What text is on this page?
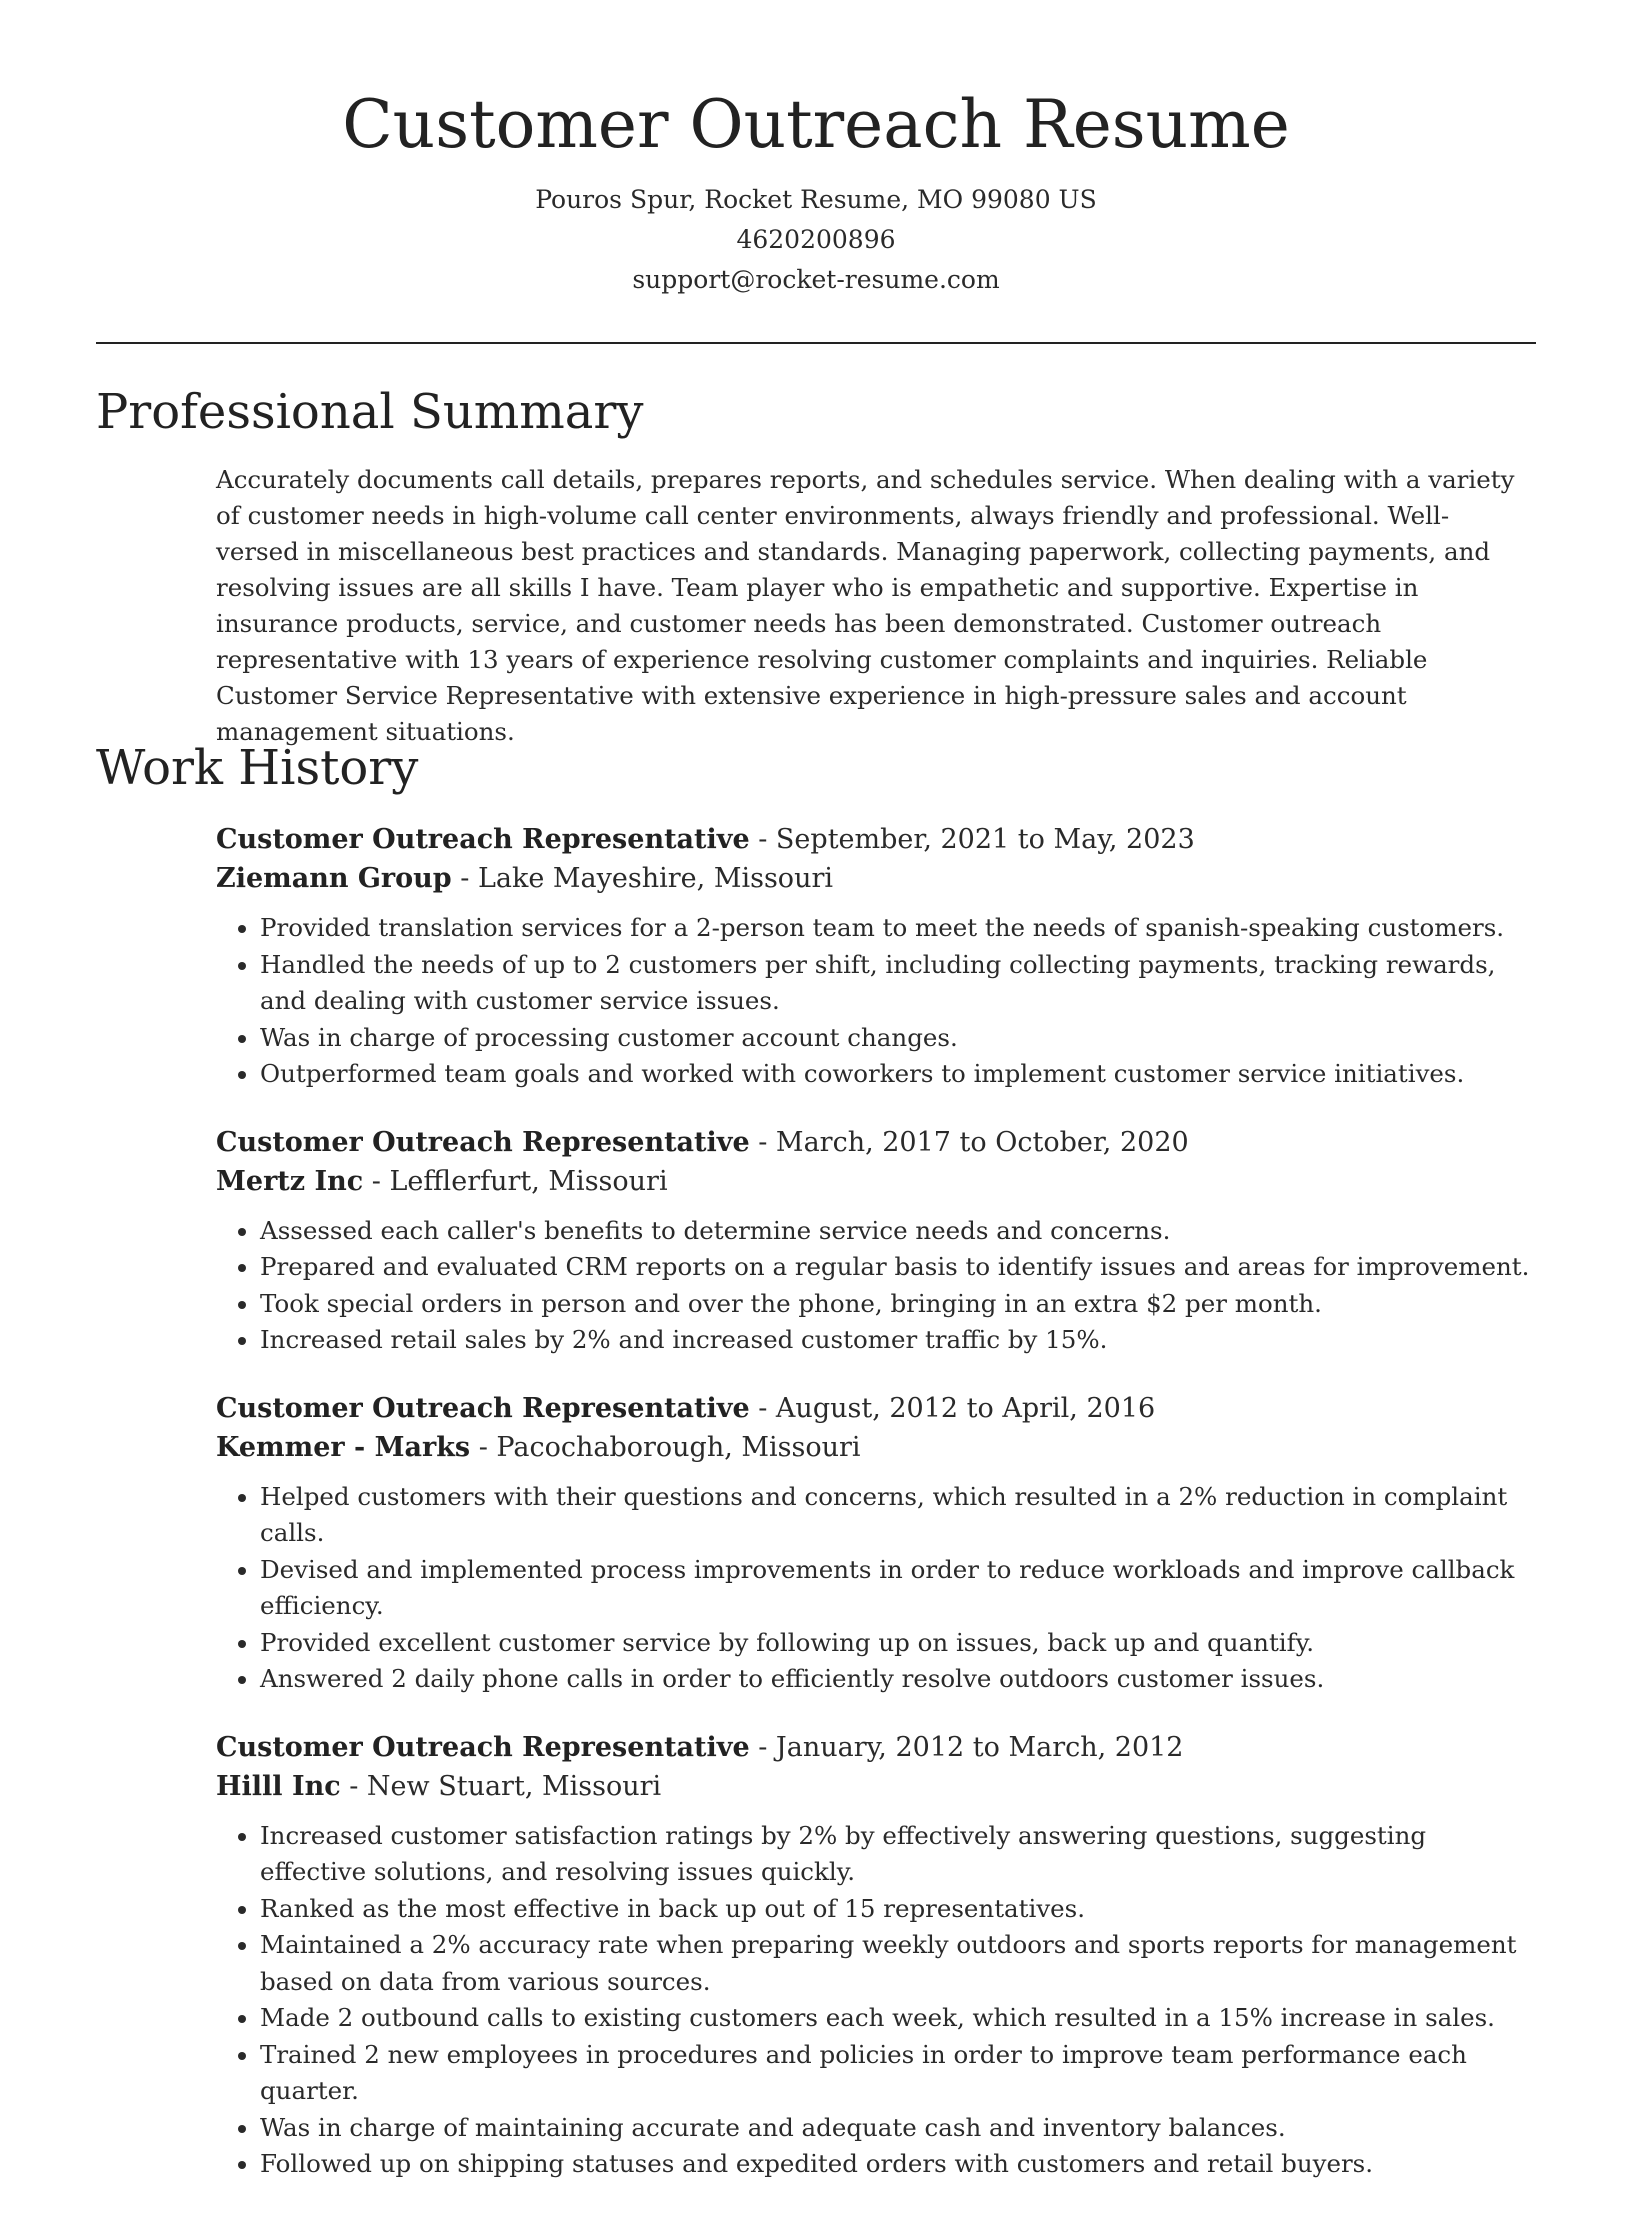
Customer Outreach Resume
Pouros Spur, Rocket Resume, MO 99080 US
4620200896
support@rocket-resume.com
Professional Summary

Accurately documents call details, prepares reports, and schedules service. When dealing with a variety of customer needs in high-volume call center environments, always friendly and professional. Well-versed in miscellaneous best practices and standards. Managing paperwork, collecting payments, and resolving issues are all skills I have. Team player who is empathetic and supportive. Expertise in insurance products, service, and customer needs has been demonstrated. Customer outreach representative with 13 years of experience resolving customer complaints and inquiries. Reliable Customer Service Representative with extensive experience in high-pressure sales and account management situations.

Work History
Customer Outreach Representative - September, 2021 to May, 2023
Ziemann Group - Lake Mayeshire, Missouri
• Provided translation services for a 2-person team to meet the needs of spanish-speaking customers.
• Handled the needs of up to 2 customers per shift, including collecting payments, tracking rewards, and dealing with customer service issues.
• Was in charge of processing customer account changes.
• Outperformed team goals and worked with coworkers to implement customer service initiatives.
Customer Outreach Representative - March, 2017 to October, 2020
Mertz Inc - Lefflerfurt, Missouri
• Assessed each caller's benefits to determine service needs and concerns.
• Prepared and evaluated CRM reports on a regular basis to identify issues and areas for improvement.
• Took special orders in person and over the phone, bringing in an extra $2 per month.
• Increased retail sales by 2% and increased customer traffic by 15%.
Customer Outreach Representative - August, 2012 to April, 2016
Kemmer - Marks - Pacochaborough, Missouri
• Helped customers with their questions and concerns, which resulted in a 2% reduction in complaint calls.
• Devised and implemented process improvements in order to reduce workloads and improve callback efficiency.
• Provided excellent customer service by following up on issues, back up and quantify.
• Answered 2 daily phone calls in order to efficiently resolve outdoors customer issues.
Customer Outreach Representative - January, 2012 to March, 2012
Hilll Inc - New Stuart, Missouri
• Increased customer satisfaction ratings by 2% by effectively answering questions, suggesting effective solutions, and resolving issues quickly.
• Ranked as the most effective in back up out of 15 representatives.
• Maintained a 2% accuracy rate when preparing weekly outdoors and sports reports for management based on data from various sources.
• Made 2 outbound calls to existing customers each week, which resulted in a 15% increase in sales.
• Trained 2 new employees in procedures and policies in order to improve team performance each quarter.
• Was in charge of maintaining accurate and adequate cash and inventory balances.
• Followed up on shipping statuses and expedited orders with customers and retail buyers.
